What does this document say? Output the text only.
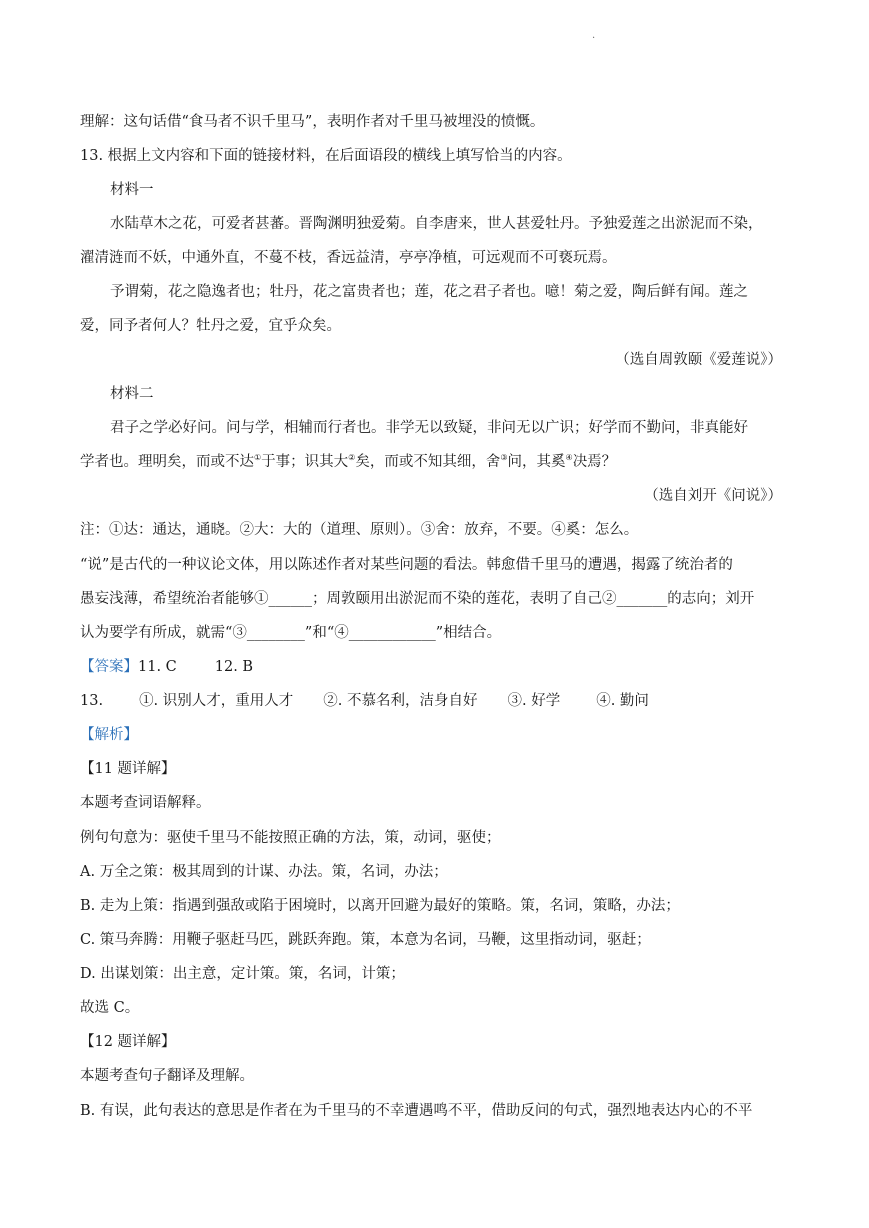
.
理解：这句话借“食马者不识千里马”，表明作者对千里马被埋没的愤慨。
13. 根据上文内容和下面的链接材料，在后面语段的横线上填写恰当的内容。
材料一
水陆草木之花，可爱者甚蕃。晋陶渊明独爱菊。自李唐来，世人甚爱牡丹。予独爱莲之出淤泥而不染，
濯清涟而不妖，中通外直，不蔓不枝，香远益清，亭亭净植，可远观而不可亵玩焉。
予谓菊，花之隐逸者也；牡丹，花之富贵者也；莲，花之君子者也。噫！菊之爱，陶后鲜有闻。莲之
爱，同予者何人？牡丹之爱，宜乎众矣。
（选自周敦颐《爱莲说》）
材料二
君子之学必好问。问与学，相辅而行者也。非学无以致疑，非问无以广识；好学而不勤问，非真能好
学者也。理明矣，而或不达①于事；识其大②矣，而或不知其细，舍③问，其奚④决焉？
（选自刘开《问说》）
注：①达：通达，通晓。②大：大的（道理、原则）。③舍：放弃，不要。④奚：怎么。
“说”是古代的一种议论文体，用以陈述作者对某些问题的看法。韩愈借千里马的遭遇，揭露了统治者的
愚妄浅薄，希望统治者能够①______；周敦颐用出淤泥而不染的莲花，表明了自己②_______的志向；刘开
认为要学有所成，就需“③________”和“④____________”相结合。
【答案】11. C	12. B
13. ①. 识别人才，重用人才 ②. 不慕名利，洁身自好 ③. 好学 ④. 勤问
【解析】
【11 题详解】
本题考查词语解释。
例句句意为：驱使千里马不能按照正确的方法，策，动词，驱使；
A. 万全之策：极其周到的计谋、办法。策，名词，办法；
B. 走为上策：指遇到强敌或陷于困境时，以离开回避为最好的策略。策，名词，策略，办法；
C. 策马奔腾：用鞭子驱赶马匹，跳跃奔跑。策，本意为名词，马鞭，这里指动词，驱赶；
D. 出谋划策：出主意，定计策。策，名词，计策；
故选 C。
【12 题详解】
本题考查句子翻译及理解。
B. 有误，此句表达的意思是作者在为千里马的不幸遭遇鸣不平，借助反问的句式，强烈地表达内心的不平
